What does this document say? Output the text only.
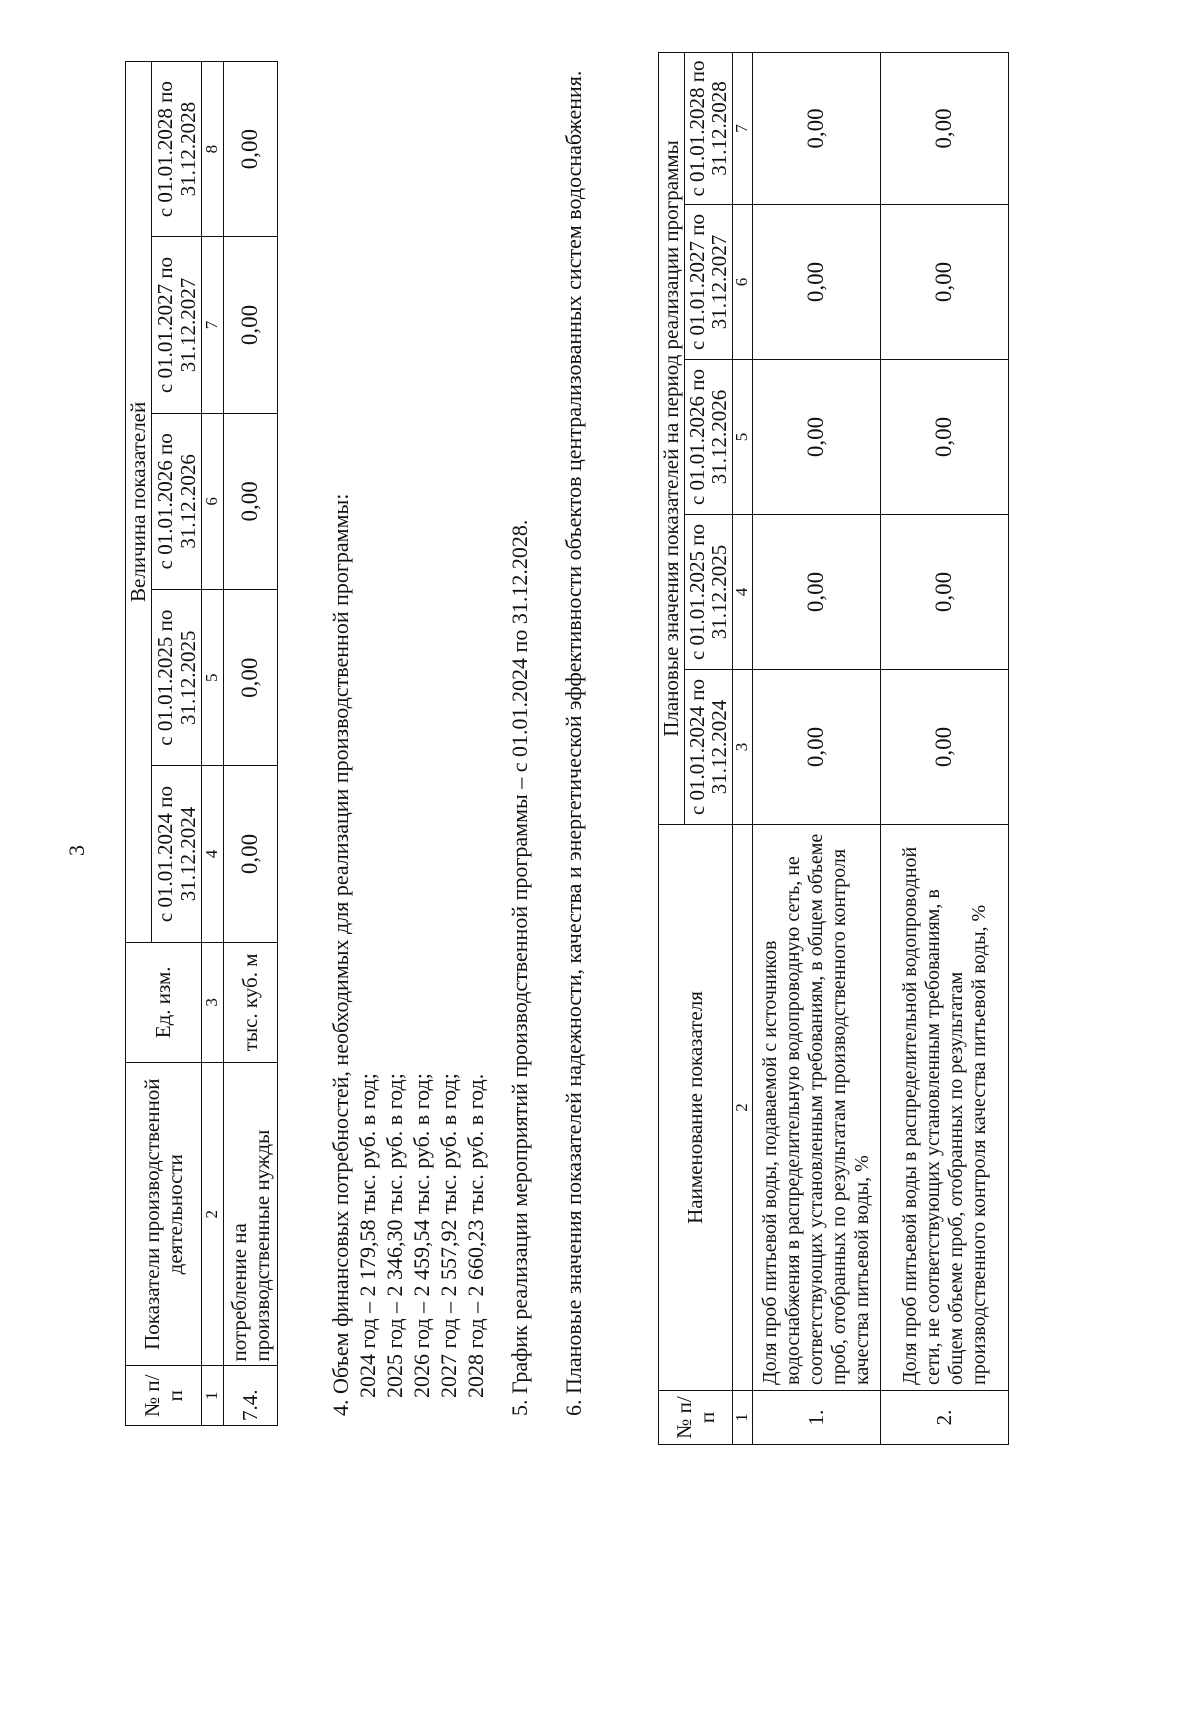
3
№ п/п	Показатели производственной деятельности	Ед. изм.	Величина показателей				
			с 01.01.2024 по 31.12.2024	с 01.01.2025 по 31.12.2025	с 01.01.2026 по 31.12.2026	с 01.01.2027 по 31.12.2027	с 01.01.2028 по 31.12.2028
1	2	3	4	5	6	7	8
7.4.	потребление на производственные нужды	тыс. куб. м	0,00	0,00	0,00	0,00	0,00

4. Объем финансовых потребностей, необходимых для реализации производственной программы: 2024 год – 2 179,58 тыс. руб. в год; 2025 год – 2 346,30 тыс. руб. в год; 2026 год – 2 459,54 тыс. руб. в год; 2027 год – 2 557,92 тыс. руб. в год; 2028 год – 2 660,23 тыс. руб. в год. 5. График реализации мероприятий производственной программы – с 01.01.2024 по 31.12.2028. 6. Плановые значения показателей надежности, качества и энергетической эффективности объектов централизованных систем водоснабжения.

№ п/п	Наименование показателя	Плановые значения показателей на период реализации программы				
		с 01.01.2024 по 31.12.2024	с 01.01.2025 по 31.12.2025	с 01.01.2026 по 31.12.2026	с 01.01.2027 по 31.12.2027	с 01.01.2028 по 31.12.2028
1	2	3	4	5	6	7
1.	Доля проб питьевой воды, подаваемой с источников водоснабжения в распределительную водопроводную сеть, не соответствующих установленным требованиям, в общем объеме проб, отобранных по результатам производственного контроля качества питьевой воды, %	0,00	0,00	0,00	0,00	0,00
2.	Доля проб питьевой воды в распределительной водопроводной сети, не соответствующих установленным требованиям, в общем объеме проб, отобранных по результатам производственного контроля качества питьевой воды, %	0,00	0,00	0,00	0,00	0,00
